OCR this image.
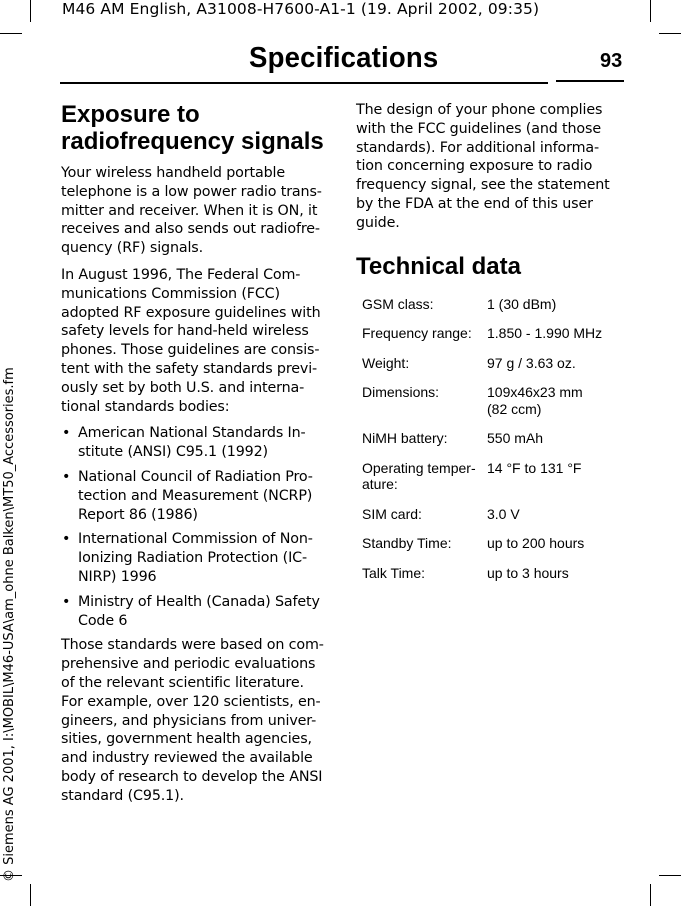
M46 AM English, A31008-H7600-A1-1 (19. April 2002, 09:35)
Specifications	93
© Siemens AG 2001, I:\MOBIL\M46-USA\am_ohne Balken\MT50_Accessories.fm
Exposure to
radiofrequency signals

Your wireless handheld portable
telephone is a low power radio trans-
mitter and receiver. When it is ON, it
receives and also sends out radiofre-
quency (RF) signals.

In August 1996, The Federal Com-
munications Commission (FCC)
adopted RF exposure guidelines with
safety levels for hand-held wireless
phones. Those guidelines are consis-
tent with the safety standards previ-
ously set by both U.S. and interna-
tional standards bodies:

• American National Standards In-
stitute (ANSI) C95.1 (1992)
• National Council of Radiation Pro-
tection and Measurement (NCRP)
Report 86 (1986)
• International Commission of Non-
Ionizing Radiation Protection (IC-
NIRP) 1996
• Ministry of Health (Canada) Safety
Code 6

Those standards were based on com-
prehensive and periodic evaluations
of the relevant scientific literature.
For example, over 120 scientists, en-
gineers, and physicians from univer-
sities, government health agencies,
and industry reviewed the available
body of research to develop the ANSI
standard (C95.1).

The design of your phone complies
with the FCC guidelines (and those
standards). For additional informa-
tion concerning exposure to radio
frequency signal, see the statement
by the FDA at the end of this user
guide.

Technical data
GSM class:	1 (30 dBm)

Frequency range:	1.850 - 1.990 MHz

Weight:	97 g / 3.63 oz.

Dimensions:	109x46x23 mm
(82 ccm)

NiMH battery:	550 mAh

Operating temper-
ature:	14 °F to 131 °F

SIM card:	3.0 V

Standby Time:	up to 200 hours

Talk Time:	up to 3 hours
